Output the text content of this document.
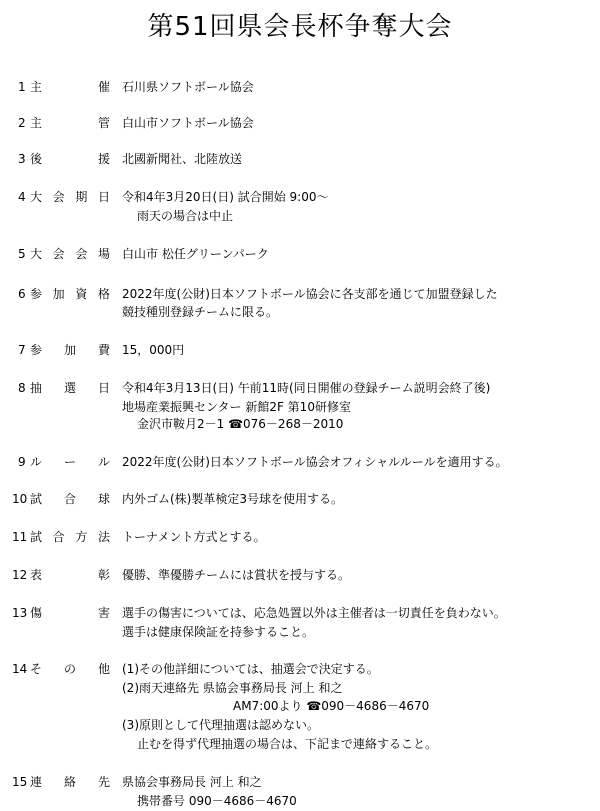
第51回県会長杯争奪大会
1 主	催 石川県ソフトボール協会
2 主	管 白山市ソフトボール協会
3 後	援 北國新聞社、北陸放送
4 大 会 期 日 令和4年3月20日(日) 試合開始 9:00～
雨天の場合は中止
5 大 会 会 場 白山市 松任グリーンパーク
6 参 加 資 格 2022年度(公財)日本ソフトボール協会に各支部を通じて加盟登録した
競技種別登録チームに限る。
7 参 加 費 15，000円
8 抽 選 日 令和4年3月13日(日) 午前11時(同日開催の登録チーム説明会終了後)
地場産業振興センター 新館2F 第10研修室
金沢市鞍月2－1 ☎076－268－2010
9 ル ー ル 2022年度(公財)日本ソフトボール協会オフィシャルルールを適用する。
10 試 合 球 内外ゴム(株)製革検定3号球を使用する。
11 試 合 方 法 トーナメント方式とする。
12 表	彰 優勝、準優勝チームには賞状を授与する。
13 傷	害 選手の傷害については、応急処置以外は主催者は一切責任を負わない。
選手は健康保険証を持参すること。
14 そ の 他 (1)その他詳細については、抽選会で決定する。
(2)雨天連絡先 県協会事務局長 河上 和之
AM7:00より ☎090－4686－4670
(3)原則として代理抽選は認めない。
止むを得ず代理抽選の場合は、下記まで連絡すること。
15 連 絡 先 県協会事務局長 河上 和之
携帯番号 090－4686－4670
